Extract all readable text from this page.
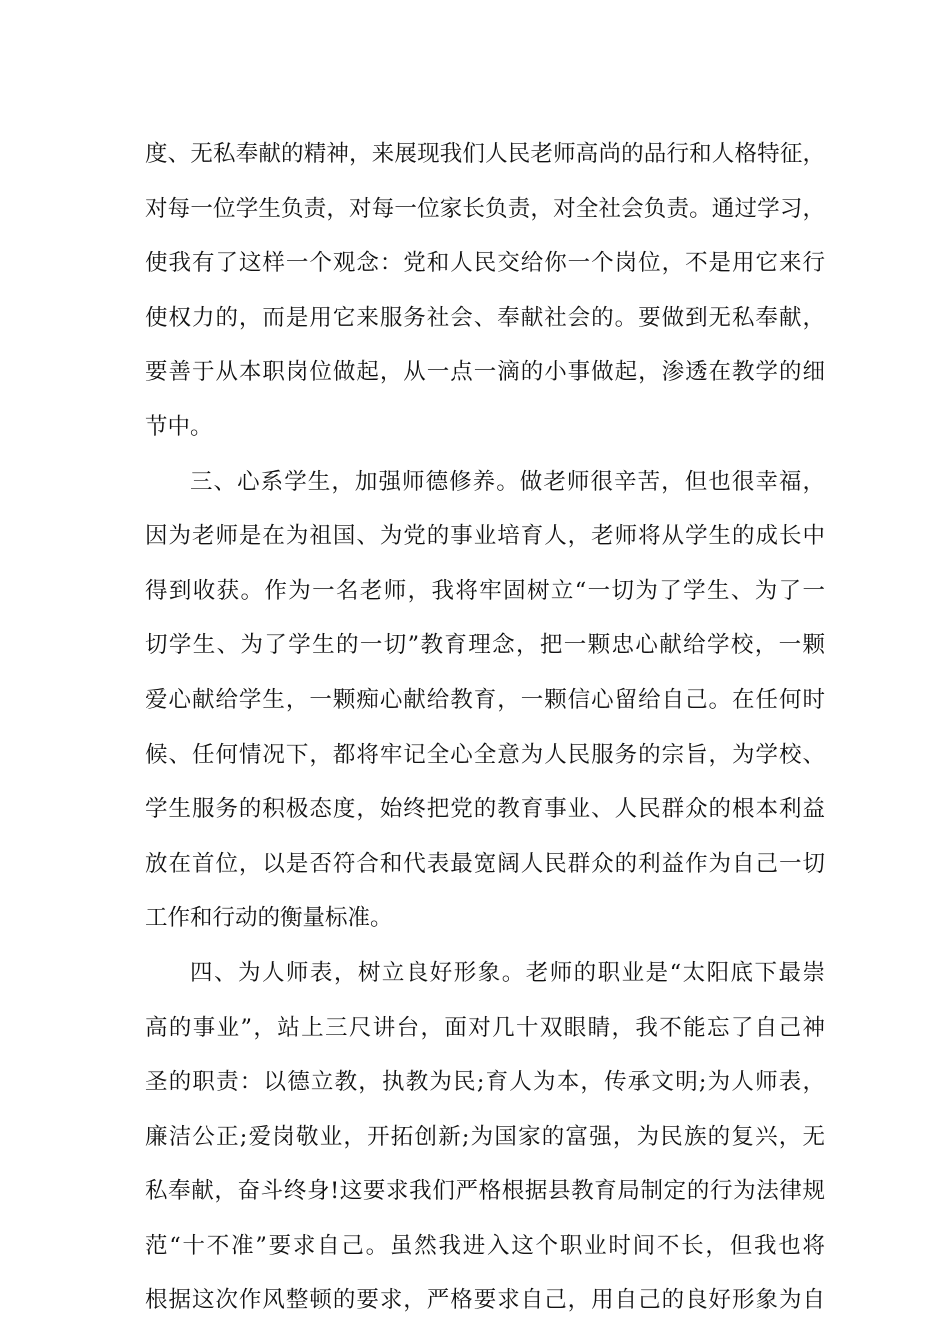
度、无私奉献的精神，来展现我们人民老师高尚的品行和人格特征，
对每一位学生负责，对每一位家长负责，对全社会负责。通过学习，
使我有了这样一个观念：党和人民交给你一个岗位，不是用它来行
使权力的，而是用它来服务社会、奉献社会的。要做到无私奉献，
要善于从本职岗位做起，从一点一滴的小事做起，渗透在教学的细
节中。
三、心系学生，加强师德修养。做老师很辛苦，但也很幸福，
因为老师是在为祖国、为党的事业培育人，老师将从学生的成长中
得到收获。作为一名老师，我将牢固树立“一切为了学生、为了一
切学生、为了学生的一切”教育理念，把一颗忠心献给学校，一颗
爱心献给学生，一颗痴心献给教育，一颗信心留给自己。在任何时
候、任何情况下，都将牢记全心全意为人民服务的宗旨，为学校、
学生服务的积极态度，始终把党的教育事业、人民群众的根本利益
放在首位，以是否符合和代表最宽阔人民群众的利益作为自己一切
工作和行动的衡量标准。
四、为人师表，树立良好形象。老师的职业是“太阳底下最崇
高的事业”，站上三尺讲台，面对几十双眼睛，我不能忘了自己神
圣的职责：以德立教，执教为民;育人为本，传承文明;为人师表，
廉洁公正;爱岗敬业，开拓创新;为国家的富强，为民族的复兴，无
私奉献，奋斗终身!这要求我们严格根据县教育局制定的行为法律规
范“十不准”要求自己。虽然我进入这个职业时间不长，但我也将
根据这次作风整顿的要求，严格要求自己，用自己的良好形象为自
